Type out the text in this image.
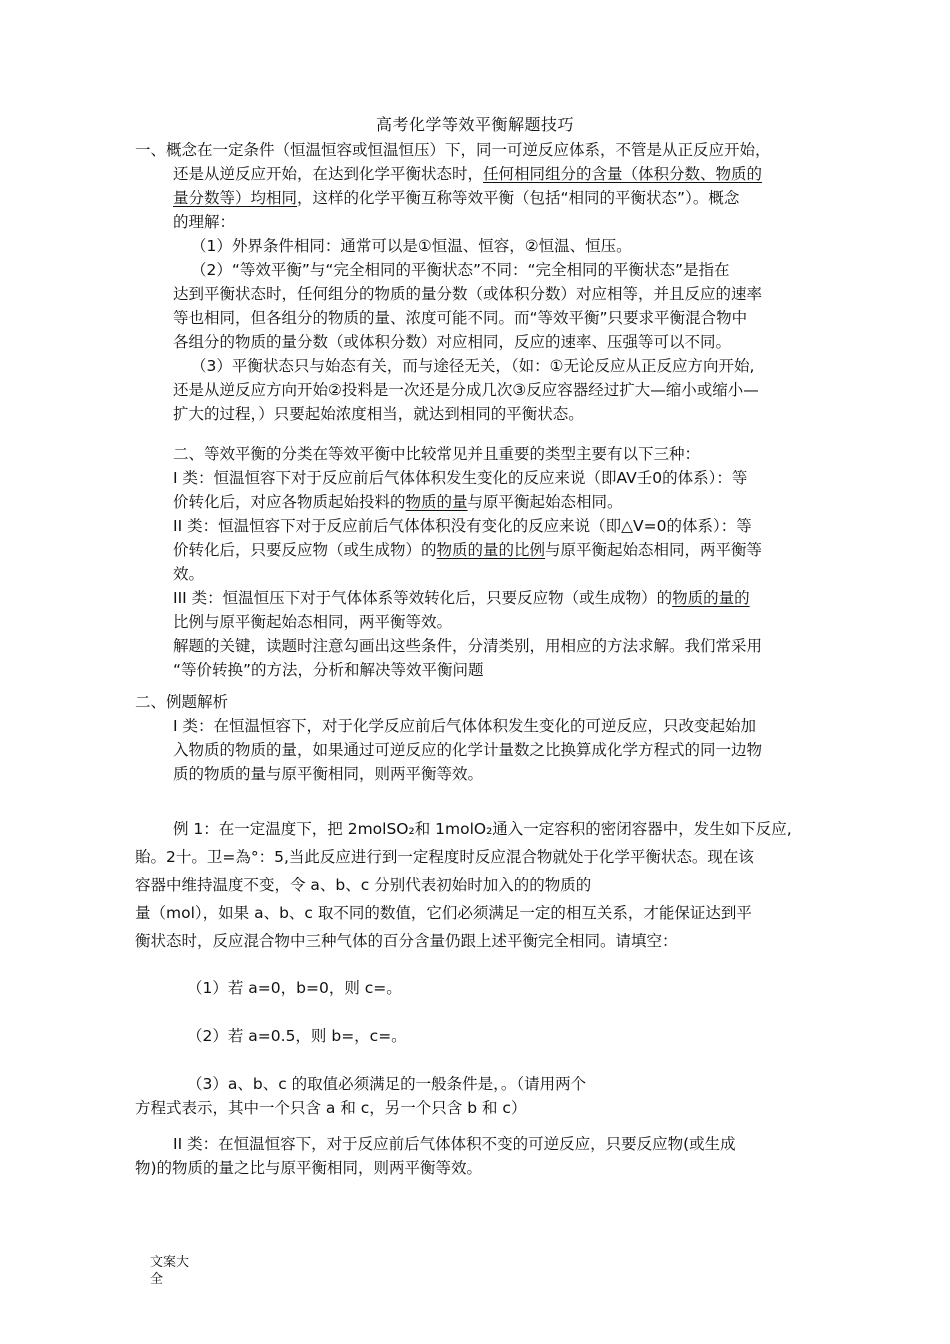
高考化学等效平衡解题技巧

一、概念在一定条件（恒温恒容或恒温恒压）下，同一可逆反应体系，不管是从正反应开始，
还是从逆反应开始，在达到化学平衡状态时，任何相同组分的含量（体积分数、物质的
量分数等）均相同，这样的化学平衡互称等效平衡（包括“相同的平衡状态”）。概念
的理解：

（1）外界条件相同：通常可以是①恒温、恒容，②恒温、恒压。

（2）“等效平衡”与“完全相同的平衡状态”不同：“完全相同的平衡状态”是指在
达到平衡状态时，任何组分的物质的量分数（或体积分数）对应相等，并且反应的速率
等也相同，但各组分的物质的量、浓度可能不同。而“等效平衡”只要求平衡混合物中
各组分的物质的量分数（或体积分数）对应相同，反应的速率、压强等可以不同。

（3）平衡状态只与始态有关，而与途径无关，（如：①无论反应从正反应方向开始,
还是从逆反应方向开始②投料是一次还是分成几次③反应容器经过扩大—缩小或缩小—
扩大的过程，）只要起始浓度相当，就达到相同的平衡状态。

二、等效平衡的分类在等效平衡中比较常见并且重要的类型主要有以下三种：

I 类：恒温恒容下对于反应前后气体体积发生变化的反应来说（即AV壬0的体系）：等
价转化后，对应各物质起始投料的物质的量与原平衡起始态相同。

II 类：恒温恒容下对于反应前后气体体积没有变化的反应来说（即△V=0的体系）：等
价转化后，只要反应物（或生成物）的物质的量的比例与原平衡起始态相同，两平衡等
效。

III 类：恒温恒压下对于气体体系等效转化后，只要反应物（或生成物）的物质的量的
比例与原平衡起始态相同，两平衡等效。

解题的关键，读题时注意勾画出这些条件，分清类别，用相应的方法求解。我们常采用
“等价转换”的方法，分析和解决等效平衡问题

二、例题解析

I 类：在恒温恒容下，对于化学反应前后气体体积发生变化的可逆反应，只改变起始加
入物质的物质的量，如果通过可逆反应的化学计量数之比换算成化学方程式的同一边物
质的物质的量与原平衡相同，则两平衡等效。

例 1：在一定温度下，把 2molSO₂和 1molO₂通入一定容积的密闭容器中，发生如下反应,
貽。2十。卫=為°：5,当此反应进行到一定程度时反应混合物就处于化学平衡状态。现在该
容器中维持温度不变，令 a、b、c 分别代表初始时加入的的物质的
量（mol），如果 a、b、c 取不同的数值，它们必须满足一定的相互关系，才能保证达到平
衡状态时，反应混合物中三种气体的百分含量仍跟上述平衡完全相同。请填空：

（1）若 a=0，b=0，则 c=。
（2）若 a=0.5，则 b=，c=。
（3）a、b、c 的取值必须满足的一般条件是，。（请用两个
方程式表示，其中一个只含 a 和 c，另一个只含 b 和 c）
II 类：在恒温恒容下，对于反应前后气体体积不变的可逆反应，只要反应物(或生成
物)的物质的量之比与原平衡相同，则两平衡等效。
文案大全
